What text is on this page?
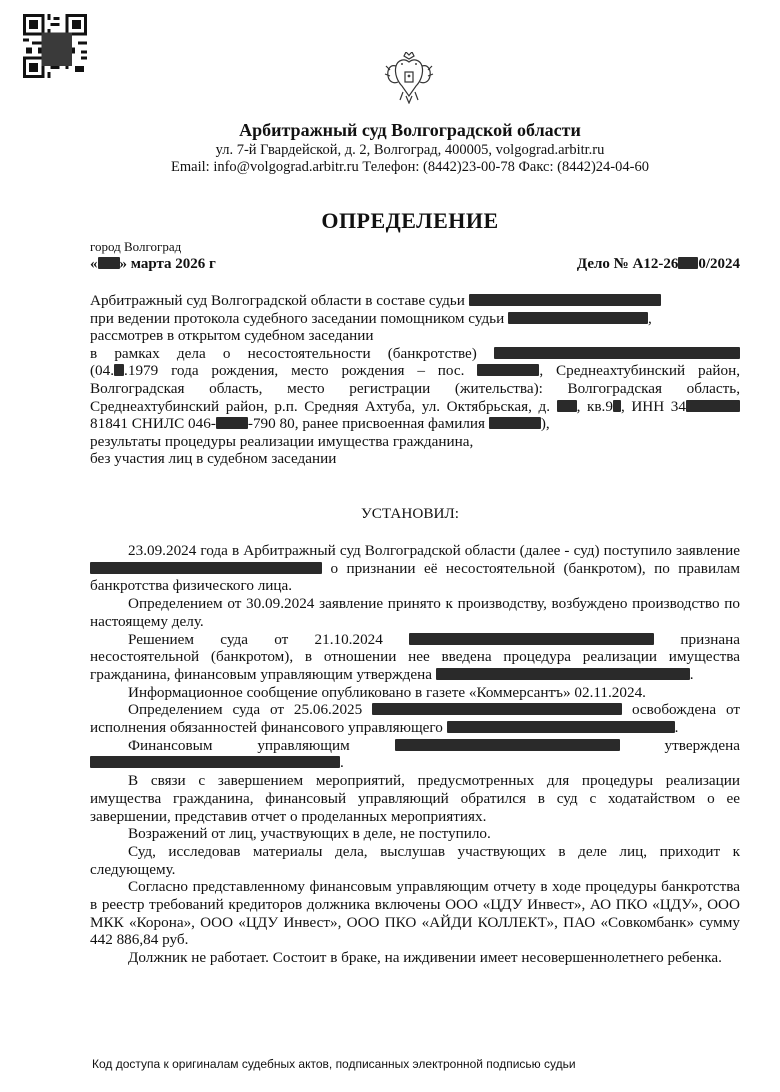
Арбитражный суд Волгоградской области
ул. 7-й Гвардейской, д. 2, Волгоград, 400005, volgograd.arbitr.ru
Email: info@volgograd.arbitr.ru Телефон: (8442)23-00-78 Факс: (8442)24-04-60
ОПРЕДЕЛЕНИЕ
город Волгоград
« » марта 2026 г	Дело № А12-26 0/2024

Арбитражный суд Волгоградской области в составе судьи

при ведении протокола судебного заседании помощником судьи	,

рассмотрев в открытом судебном заседании

в рамках дела о несостоятельности (банкротстве)

(04. .1979 года рождения, место рождения – пос.	, Среднеахтубинский район, Волгоградская область, место регистрации (жительства): Волгоградская область, Среднеахтубинский район, р.п. Средняя Ахтуба, ул. Октябрьская, д. , кв.9 , ИНН 3481841 СНИЛС 046- -790 80, ранее присвоенная фамилия	),

результаты процедуры реализации имущества гражданина,

без участия лиц в судебном заседании

УСТАНОВИЛ:

23.09.2024 года в Арбитражный суд Волгоградской области (далее - суд) поступило заявление  о признании её несостоятельной (банкротом), по правилам банкротства физического лица.

Определением от 30.09.2024 заявление принято к производству, возбуждено производство по настоящему делу.

Решением суда от 21.10.2024	признана несостоятельной (банкротом), в отношении нее введена процедура реализации имущества гражданина, финансовым управляющим утверждена	.

Информационное сообщение опубликовано в газете «Коммерсантъ» 02.11.2024.

Определением суда от 25.06.2025	освобождена от исполнения обязанностей финансового управляющего	.

Финансовым управляющим	утверждена .

В связи с завершением мероприятий, предусмотренных для процедуры реализации имущества гражданина, финансовый управляющий обратился в суд с ходатайством о ее завершении, представив отчет о проделанных мероприятиях.

Возражений от лиц, участвующих в деле, не поступило.

Суд, исследовав материалы дела, выслушав участвующих в деле лиц, приходит к следующему.

Согласно представленному финансовым управляющим отчету в ходе процедуры банкротства в реестр требований кредиторов должника включены ООО «ЦДУ Инвест», АО ПКО «ЦДУ», ООО МКК «Корона», ООО «ЦДУ Инвест», ООО ПКО «АЙДИ КОЛЛЕКТ», ПАО «Совкомбанк» сумму 442 886,84 руб.

Должник не работает. Состоит в браке, на иждивении имеет несовершеннолетнего ребенка.

Код доступа к оригиналам судебных актов, подписанных электронной подписью судьи
